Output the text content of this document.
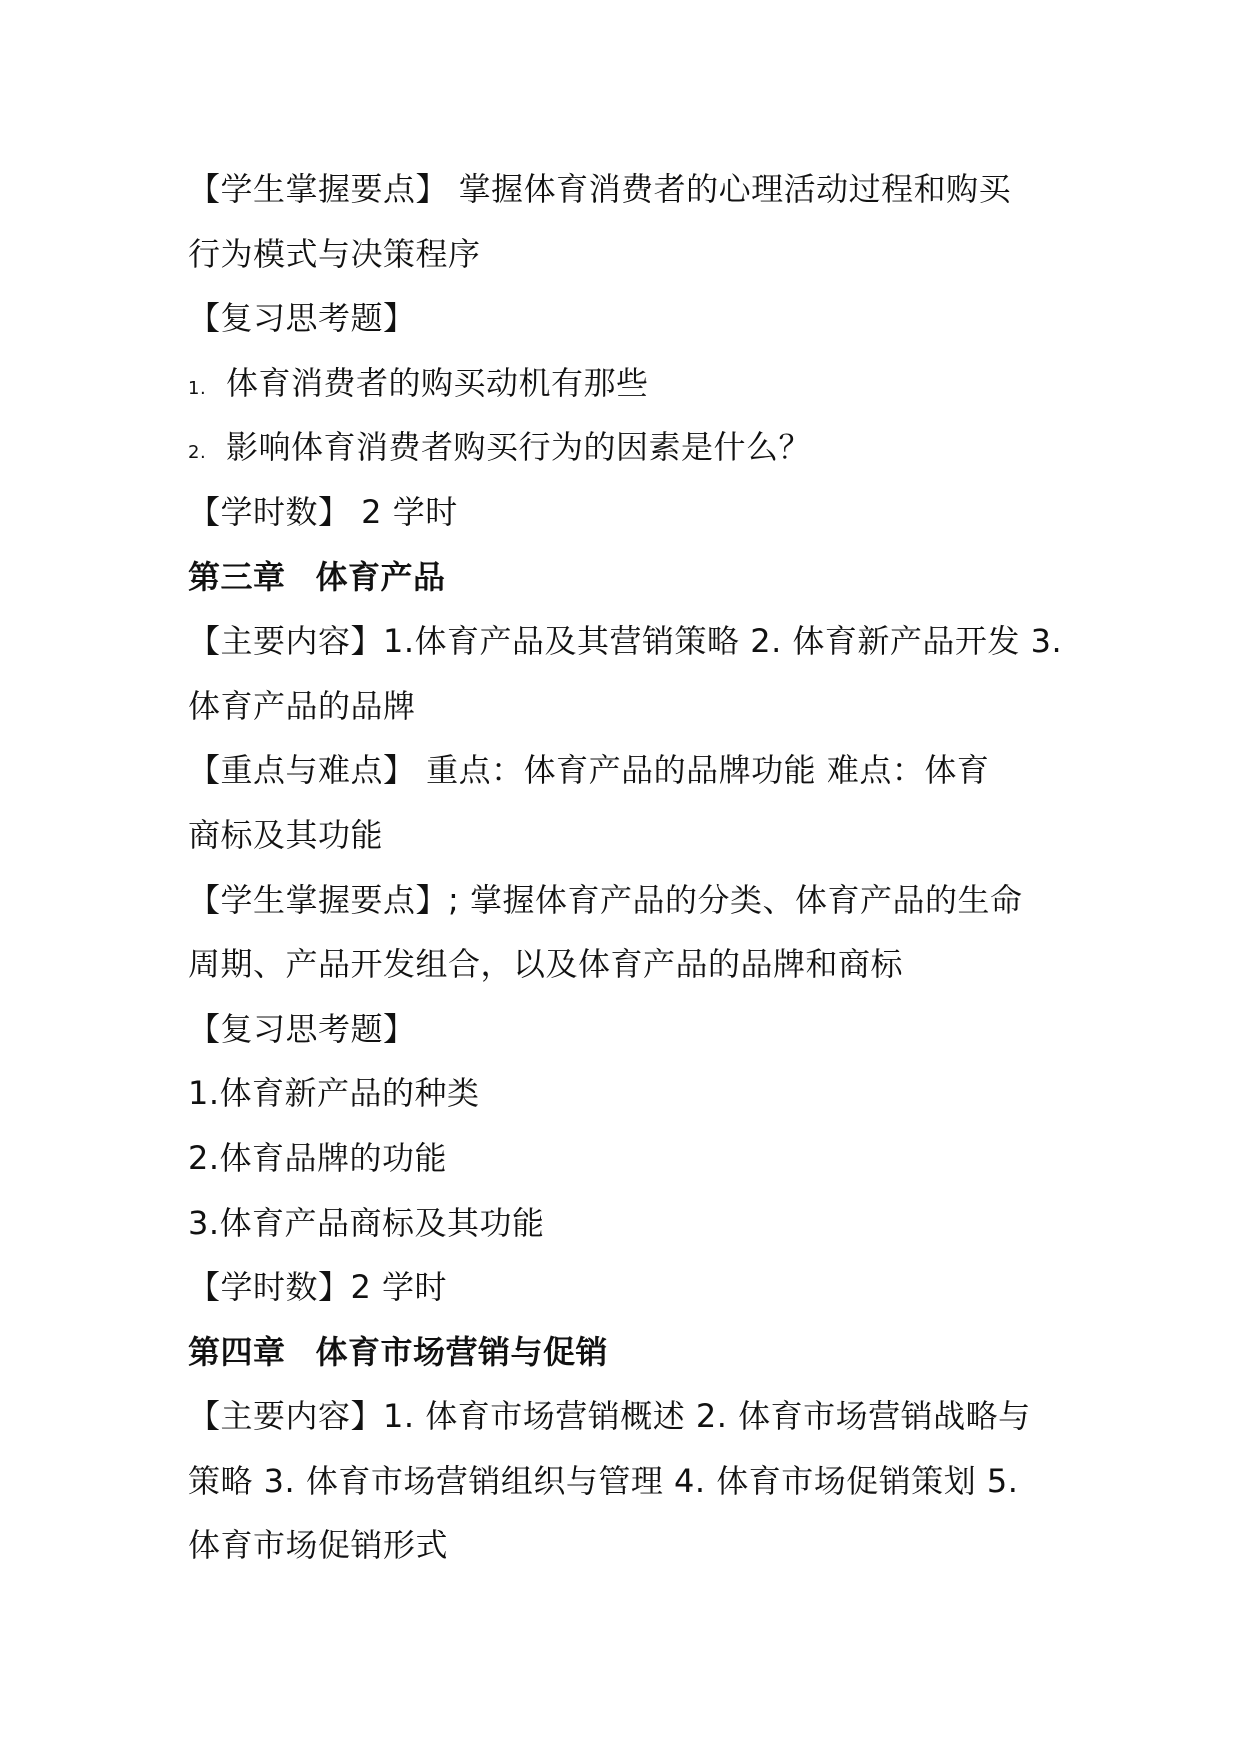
【学生掌握要点】 掌握体育消费者的心理活动过程和购买
行为模式与决策程序
【复习思考题】
1. 体育消费者的购买动机有那些
2. 影响体育消费者购买行为的因素是什么？
【学时数】 2 学时
第三章 体育产品
【主要内容】1.体育产品及其营销策略 2. 体育新产品开发 3.
体育产品的品牌
【重点与难点】 重点：体育产品的品牌功能 难点：体育
商标及其功能
【学生掌握要点】; 掌握体育产品的分类、体育产品的生命
周期、产品开发组合，以及体育产品的品牌和商标
【复习思考题】
1.体育新产品的种类
2.体育品牌的功能
3.体育产品商标及其功能
【学时数】2 学时
第四章 体育市场营销与促销
【主要内容】1. 体育市场营销概述 2. 体育市场营销战略与
策略 3. 体育市场营销组织与管理 4. 体育市场促销策划 5.
体育市场促销形式
